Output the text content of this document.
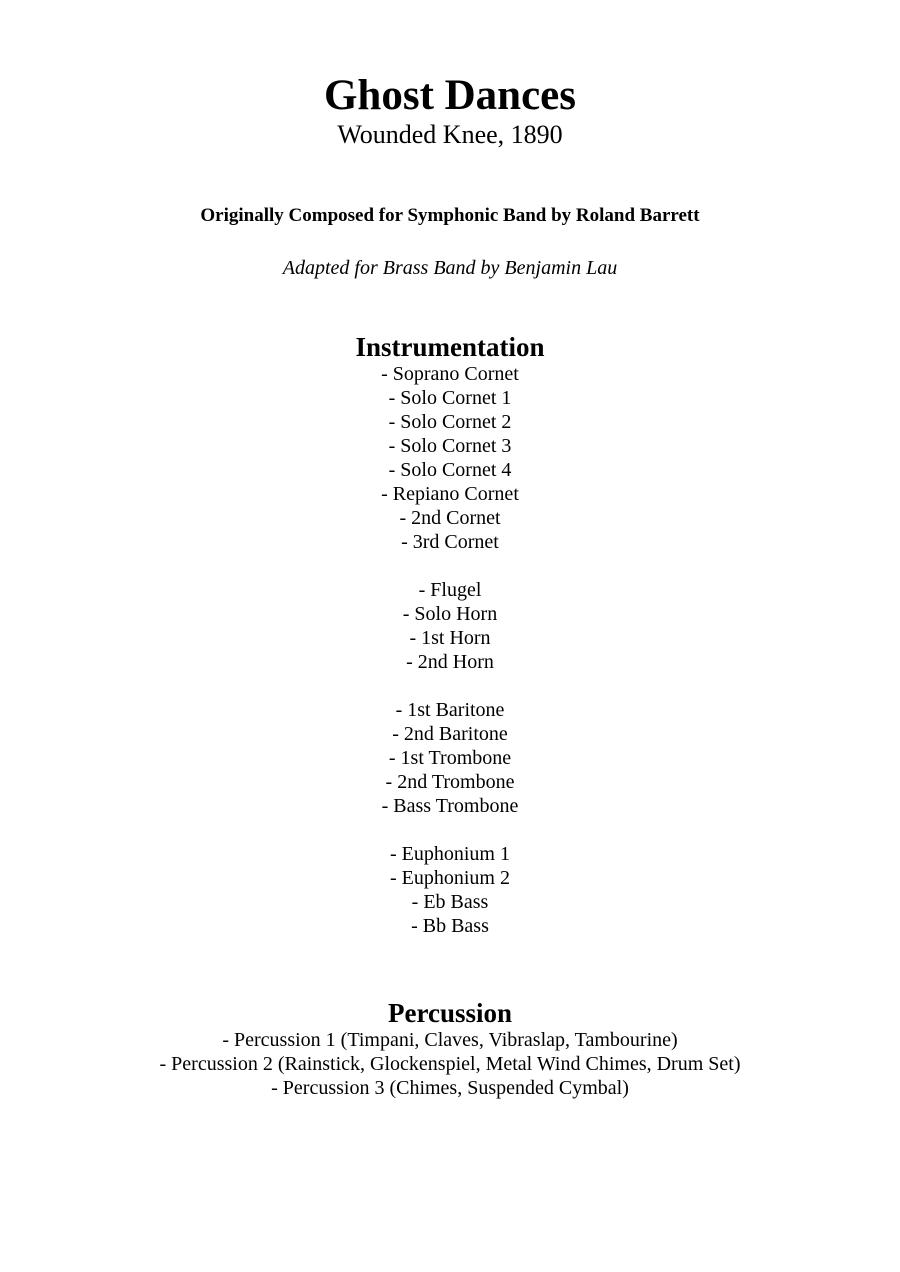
Ghost Dances

Wounded Knee, 1890

Originally Composed for Symphonic Band by Roland Barrett

Adapted for Brass Band by Benjamin Lau

Instrumentation
- Soprano Cornet
- Solo Cornet 1
- Solo Cornet 2
- Solo Cornet 3
- Solo Cornet 4
- Repiano Cornet
- 2nd Cornet
- 3rd Cornet
- Flugel
- Solo Horn
- 1st Horn
- 2nd Horn
- 1st Baritone
- 2nd Baritone
- 1st Trombone
- 2nd Trombone
- Bass Trombone
- Euphonium 1
- Euphonium 2
- Eb Bass
- Bb Bass
Percussion
- Percussion 1 (Timpani, Claves, Vibraslap, Tambourine)
- Percussion 2 (Rainstick, Glockenspiel, Metal Wind Chimes, Drum Set)
- Percussion 3 (Chimes, Suspended Cymbal)
